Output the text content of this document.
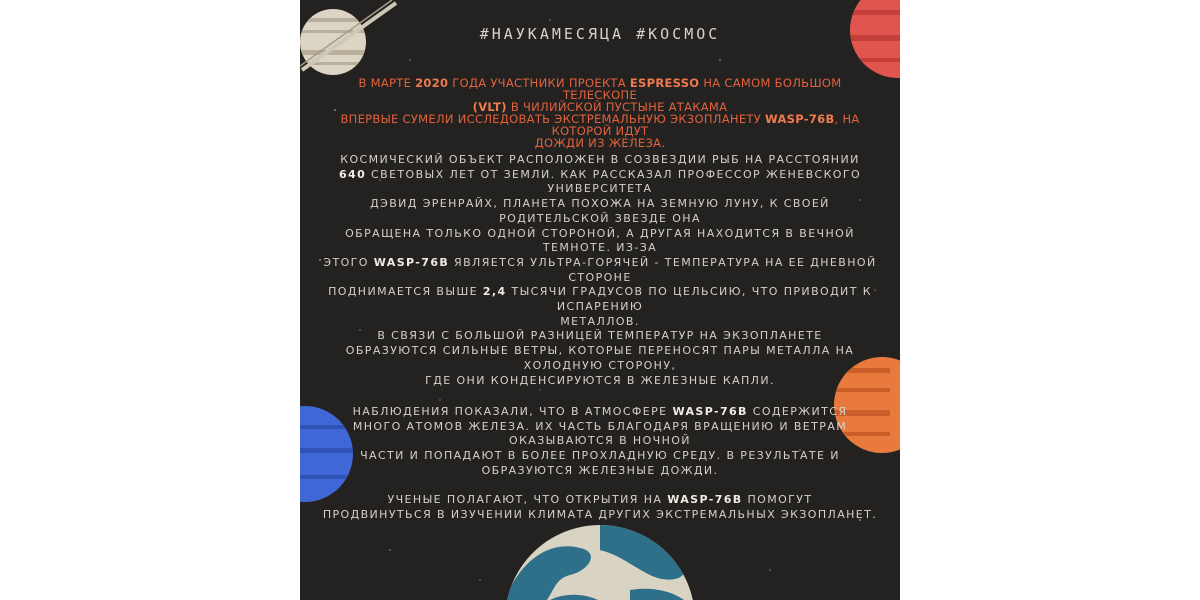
#НАУКАМЕСЯЦА #КОСМОС

В МАРТЕ 2020 ГОДА УЧАСТНИКИ ПРОЕКТА ESPRESSO НА САМОМ БОЛЬШОМ ТЕЛЕСКОПЕ

(VLT) В ЧИЛИЙСКОЙ ПУСТЫНЕ АТАКАМА

ВПЕРВЫЕ СУМЕЛИ ИССЛЕДОВАТЬ ЭКСТРЕМАЛЬНУЮ ЭКЗОПЛАНЕТУ WASP-76B, НА

КОТОРОЙ ИДУТ

ДОЖДИ ИЗ ЖЕЛЕЗА.

КОСМИЧЕСКИЙ ОБЪЕКТ РАСПОЛОЖЕН В СОЗВЕЗДИИ РЫБ НА РАССТОЯНИИ

640 СВЕТОВЫХ ЛЕТ ОТ ЗЕМЛИ. КАК РАССКАЗАЛ ПРОФЕССОР ЖЕНЕВСКОГО

УНИВЕРСИТЕТА

ДЭВИД ЭРЕНРАЙХ, ПЛАНЕТА ПОХОЖА НА ЗЕМНУЮ ЛУНУ, К СВОЕЙ

РОДИТЕЛЬСКОЙ ЗВЕЗДЕ ОНА

ОБРАЩЕНА ТОЛЬКО ОДНОЙ СТОРОНОЙ, А ДРУГАЯ НАХОДИТСЯ В ВЕЧНОЙ

ТЕМНОТЕ. ИЗ-ЗА

ЭТОГО WASP-76B ЯВЛЯЕТСЯ УЛЬТРА-ГОРЯЧЕЙ - ТЕМПЕРАТУРА НА ЕЕ ДНЕВНОЙ

СТОРОНЕ

ПОДНИМАЕТСЯ ВЫШЕ 2,4 ТЫСЯЧИ ГРАДУСОВ ПО ЦЕЛЬСИЮ, ЧТО ПРИВОДИТ К

ИСПАРЕНИЮ

МЕТАЛЛОВ.

В СВЯЗИ С БОЛЬШОЙ РАЗНИЦЕЙ ТЕМПЕРАТУР НА ЭКЗОПЛАНЕТЕ

ОБРАЗУЮТСЯ СИЛЬНЫЕ ВЕТРЫ, КОТОРЫЕ ПЕРЕНОСЯТ ПАРЫ МЕТАЛЛА НА

ХОЛОДНУЮ СТОРОНУ,

ГДЕ ОНИ КОНДЕНСИРУЮТСЯ В ЖЕЛЕЗНЫЕ КАПЛИ.

НАБЛЮДЕНИЯ ПОКАЗАЛИ, ЧТО В АТМОСФЕРЕ WASP-76B СОДЕРЖИТСЯ

МНОГО АТОМОВ ЖЕЛЕЗА. ИХ ЧАСТЬ БЛАГОДАРЯ ВРАЩЕНИЮ И ВЕТРАМ

ОКАЗЫВАЮТСЯ В НОЧНОЙ

ЧАСТИ И ПОПАДАЮТ В БОЛЕЕ ПРОХЛАДНУЮ СРЕДУ. В РЕЗУЛЬТАТЕ И

ОБРАЗУЮТСЯ ЖЕЛЕЗНЫЕ ДОЖДИ.

УЧЕНЫЕ ПОЛАГАЮТ, ЧТО ОТКРЫТИЯ НА WASP-76B ПОМОГУТ

ПРОДВИНУТЬСЯ В ИЗУЧЕНИИ КЛИМАТА ДРУГИХ ЭКСТРЕМАЛЬНЫХ ЭКЗОПЛАНЕТ.
